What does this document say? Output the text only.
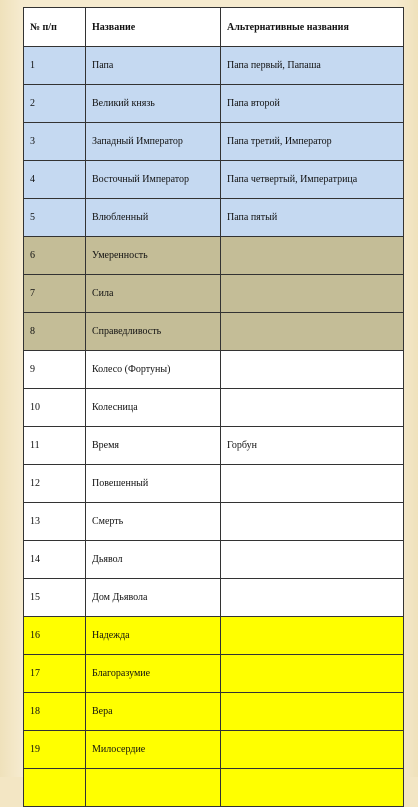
№ п/п	Название	Альтернативные названия
1	Папа	Папа первый, Папаша
2	Великий князь	Папа второй
3	Западный Император	Папа третий, Император
4	Восточный Император	Папа четвертый, Императрица
5	Влюбленный	Папа пятый
6	Умеренность	
7	Сила	
8	Справедливость	
9	Колесо (Фортуны)	
10	Колесница	
11	Время	Горбун
12	Повешенный	
13	Смерть	
14	Дьявол	
15	Дом Дьявола	
16	Надежда	
17	Благоразумие	
18	Вера	
19	Милосердие	
